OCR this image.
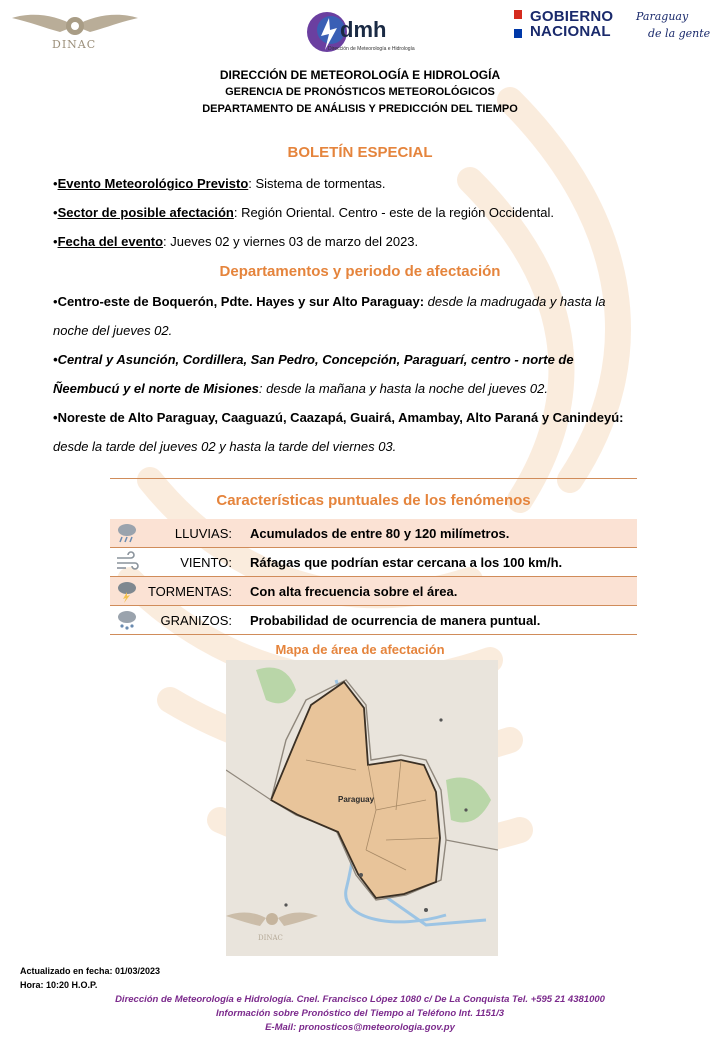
DINAC
dmh
Dirección de Meteorología e Hidrología
GOBIERNO
NACIONAL
Paraguay
de la gente
DIRECCIÓN DE METEOROLOGÍA E HIDROLOGÍA
GERENCIA DE PRONÓSTICOS METEOROLÓGICOS
DEPARTAMENTO DE ANÁLISIS Y PREDICCIÓN DEL TIEMPO
BOLETÍN ESPECIAL
•Evento Meteorológico Previsto: Sistema de tormentas.
•Sector de posible afectación: Región Oriental. Centro - este de la región Occidental.
•Fecha del evento: Jueves 02 y viernes 03 de marzo del 2023.
Departamentos y periodo de afectación
•Centro-este de Boquerón, Pdte. Hayes y sur Alto Paraguay: desde la madrugada y hasta la
noche del jueves 02.
•Central y Asunción, Cordillera, San Pedro, Concepción, Paraguarí, centro - norte de
Ñeembucú y el norte de Misiones: desde la mañana y hasta la noche del jueves 02.
•Noreste de Alto Paraguay, Caaguazú, Caazapá, Guairá, Amambay, Alto Paraná y Canindeyú:
desde la tarde del jueves 02 y hasta la tarde del viernes 03.
Características puntuales de los fenómenos
LLUVIAS: Acumulados de entre 80 y 120 milímetros.
VIENTO: Ráfagas que podrían estar cercana a los 100 km/h.
TORMENTAS: Con alta frecuencia sobre el área.
GRANIZOS: Probabilidad de ocurrencia de manera puntual.
Mapa de área de afectación
Paraguay
DINAC
Actualizado en fecha: 01/03/2023
Hora: 10:20 H.O.P.
Dirección de Meteorología e Hidrología. Cnel. Francisco López 1080 c/ De La Conquista Tel. +595 21 4381000
Información sobre Pronóstico del Tiempo al Teléfono Int. 1151/3
E-Mail: pronosticos@meteorologia.gov.py
